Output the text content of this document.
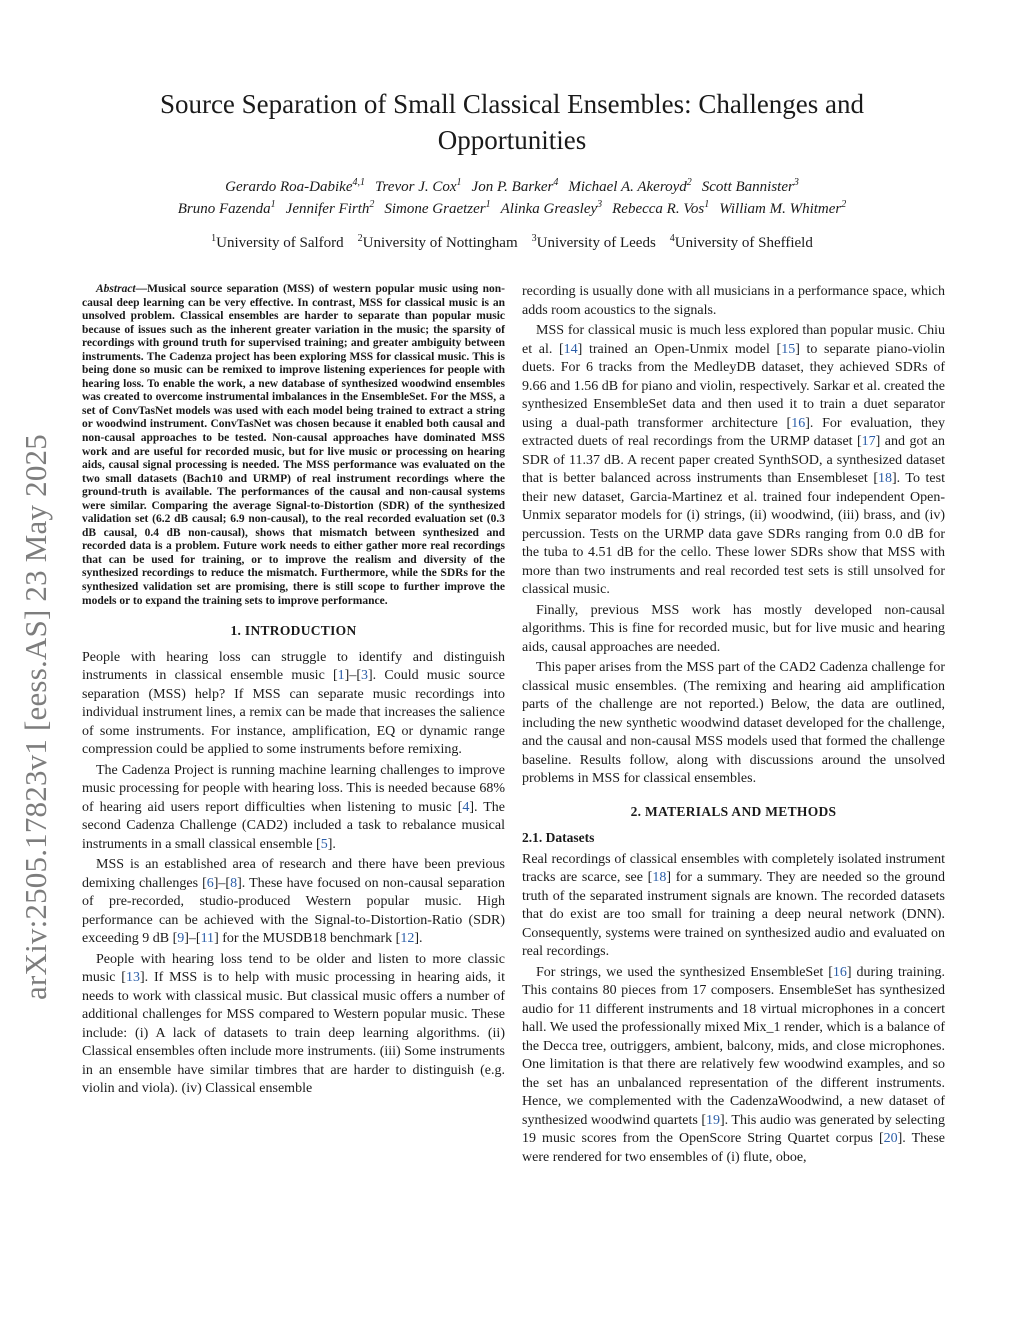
arXiv:2505.17823v1 [eess.AS] 23 May 2025
Source Separation of Small Classical Ensembles: Challenges and Opportunities
Gerardo Roa-Dabike$^{4,1}$ Trevor J. Cox$^1$ Jon P. Barker$^4$ Michael A. Akeroyd$^2$ Scott Bannister$^3$
Bruno Fazenda$^1$ Jennifer Firth$^2$ Simone Graetzer$^1$ Alinka Greasley$^3$ Rebecca R. Vos$^1$ William M. Whitmer$^2$
$^1$University of Salford $^2$University of Nottingham $^3$University of Leeds $^4$University of Sheffield

Abstract—Musical source separation (MSS) of western popular music using non-causal deep learning can be very effective. In contrast, MSS for classical music is an unsolved problem. Classical ensembles are harder to separate than popular music because of issues such as the inherent greater variation in the music; the sparsity of recordings with ground truth for supervised training; and greater ambiguity between instruments. The Cadenza project has been exploring MSS for classical music. This is being done so music can be remixed to improve listening experiences for people with hearing loss. To enable the work, a new database of synthesized woodwind ensembles was created to overcome instrumental imbalances in the EnsembleSet. For the MSS, a set of ConvTasNet models was used with each model being trained to extract a string or woodwind instrument. ConvTasNet was chosen because it enabled both causal and non-causal approaches to be tested. Non-causal approaches have dominated MSS work and are useful for recorded music, but for live music or processing on hearing aids, causal signal processing is needed. The MSS performance was evaluated on the two small datasets (Bach10 and URMP) of real instrument recordings where the ground-truth is available. The performances of the causal and non-causal systems were similar. Comparing the average Signal-to-Distortion (SDR) of the synthesized validation set (6.2 dB causal; 6.9 non-causal), to the real recorded evaluation set (0.3 dB causal, 0.4 dB non-causal), shows that mismatch between synthesized and recorded data is a problem. Future work needs to either gather more real recordings that can be used for training, or to improve the realism and diversity of the synthesized recordings to reduce the mismatch. Furthermore, while the SDRs for the synthesized validation set are promising, there is still scope to further improve the models or to expand the training sets to improve performance.

1. INTRODUCTION

People with hearing loss can struggle to identify and distinguish instruments in classical ensemble music [1]–[3]. Could music source separation (MSS) help? If MSS can separate music recordings into individual instrument lines, a remix can be made that increases the salience of some instruments. For instance, amplification, EQ or dynamic range compression could be applied to some instruments before remixing.

The Cadenza Project is running machine learning challenges to improve music processing for people with hearing loss. This is needed because 68% of hearing aid users report difficulties when listening to music [4]. The second Cadenza Challenge (CAD2) included a task to rebalance musical instruments in a small classical ensemble [5].

MSS is an established area of research and there have been previous demixing challenges [6]–[8]. These have focused on non-causal separation of pre-recorded, studio-produced Western popular music. High performance can be achieved with the Signal-to-Distortion-Ratio (SDR) exceeding 9 dB [9]–[11] for the MUSDB18 benchmark [12].

People with hearing loss tend to be older and listen to more classic music [13]. If MSS is to help with music processing in hearing aids, it needs to work with classical music. But classical music offers a number of additional challenges for MSS compared to Western popular music. These include: (i) A lack of datasets to train deep learning algorithms. (ii) Classical ensembles often include more instruments. (iii) Some instruments in an ensemble have similar timbres that are harder to distinguish (e.g. violin and viola). (iv) Classical ensemble

recording is usually done with all musicians in a performance space, which adds room acoustics to the signals.

MSS for classical music is much less explored than popular music. Chiu et al. [14] trained an Open-Unmix model [15] to separate piano-violin duets. For 6 tracks from the MedleyDB dataset, they achieved SDRs of 9.66 and 1.56 dB for piano and violin, respectively. Sarkar et al. created the synthesized EnsembleSet data and then used it to train a duet separator using a dual-path transformer architecture [16]. For evaluation, they extracted duets of real recordings from the URMP dataset [17] and got an SDR of 11.37 dB. A recent paper created SynthSOD, a synthesized dataset that is better balanced across instruments than Ensembleset [18]. To test their new dataset, Garcia-Martinez et al. trained four independent Open-Unmix separator models for (i) strings, (ii) woodwind, (iii) brass, and (iv) percussion. Tests on the URMP data gave SDRs ranging from 0.0 dB for the tuba to 4.51 dB for the cello. These lower SDRs show that MSS with more than two instruments and real recorded test sets is still unsolved for classical music.

Finally, previous MSS work has mostly developed non-causal algorithms. This is fine for recorded music, but for live music and hearing aids, causal approaches are needed.

This paper arises from the MSS part of the CAD2 Cadenza challenge for classical music ensembles. (The remixing and hearing aid amplification parts of the challenge are not reported.) Below, the data are outlined, including the new synthetic woodwind dataset developed for the challenge, and the causal and non-causal MSS models used that formed the challenge baseline. Results follow, along with discussions around the unsolved problems in MSS for classical ensembles.

2. MATERIALS AND METHODS
2.1. Datasets

Real recordings of classical ensembles with completely isolated instrument tracks are scarce, see [18] for a summary. They are needed so the ground truth of the separated instrument signals are known. The recorded datasets that do exist are too small for training a deep neural network (DNN). Consequently, systems were trained on synthesized audio and evaluated on real recordings.

For strings, we used the synthesized EnsembleSet [16] during training. This contains 80 pieces from 17 composers. EnsembleSet has synthesized audio for 11 different instruments and 18 virtual microphones in a concert hall. We used the professionally mixed Mix_1 render, which is a balance of the Decca tree, outriggers, ambient, balcony, mids, and close microphones. One limitation is that there are relatively few woodwind examples, and so the set has an unbalanced representation of the different instruments. Hence, we complemented with the CadenzaWoodwind, a new dataset of synthesized woodwind quartets [19]. This audio was generated by selecting 19 music scores from the OpenScore String Quartet corpus [20]. These were rendered for two ensembles of (i) flute, oboe,
